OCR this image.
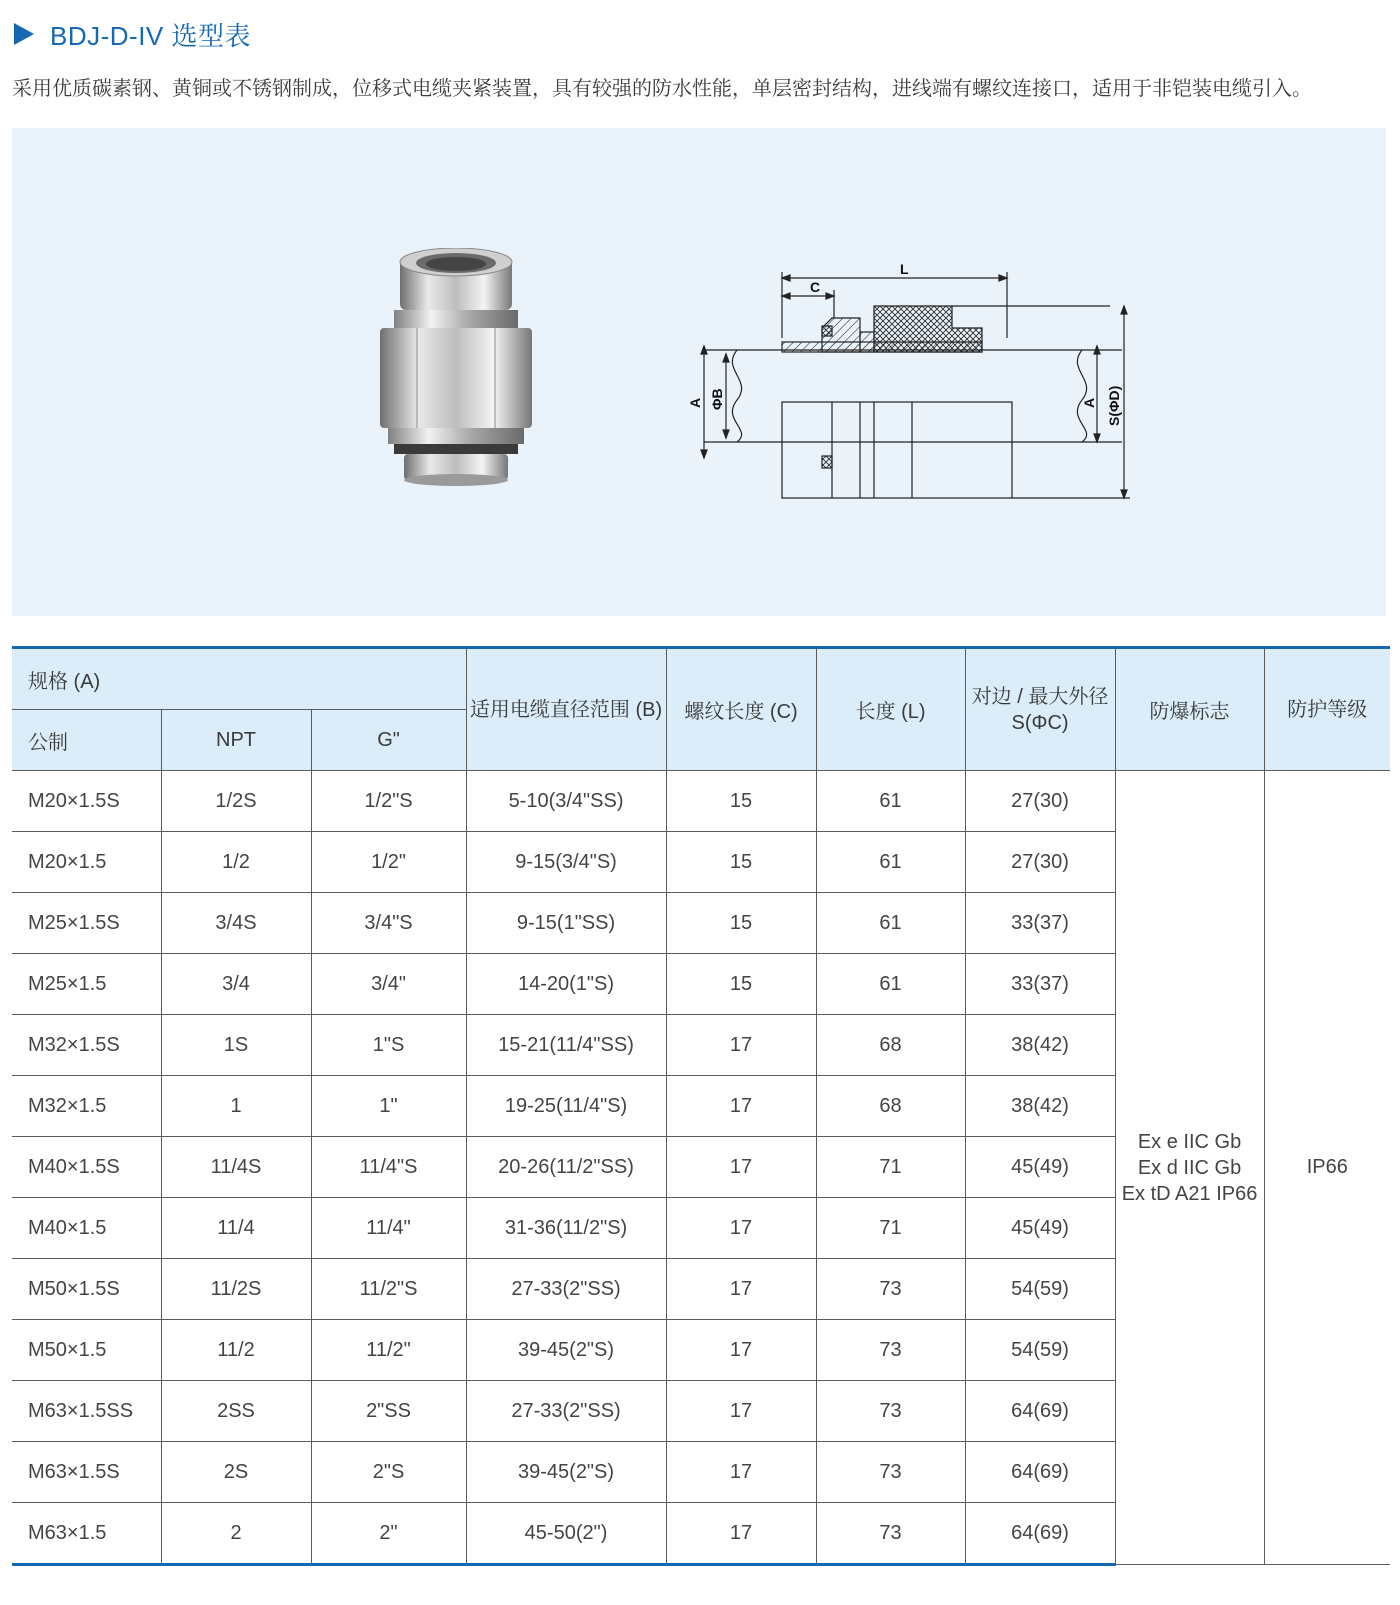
BDJ-D-IV 选型表
采用优质碳素钢、黄铜或不锈钢制成，位移式电缆夹紧装置，具有较强的防水性能，单层密封结构，进线端有螺纹连接口，适用于非铠装电缆引入。
L
C
A ΦB	A S(ΦD)
规格 (A)			适用电缆直径范围 (B)	螺纹长度 (C)	长度 (L)	对边 / 最大外径 S(ΦC)	防爆标志	防护等级
公制	NPT	G"						
M20×1.5S	1/2S	1/2"S	5-10(3/4"SS)	15	61	27(30)	Ex e IIC Gb
Ex d IIC Gb
Ex tD A21 IP66	IP66
M20×1.5	1/2	1/2"	9-15(3/4"S)	15	61	27(30)		
M25×1.5S	3/4S	3/4"S	9-15(1"SS)	15	61	33(37)		
M25×1.5	3/4	3/4"	14-20(1"S)	15	61	33(37)		
M32×1.5S	1S	1"S	15-21(11/4"SS)	17	68	38(42)		
M32×1.5	1	1"	19-25(11/4"S)	17	68	38(42)		
M40×1.5S	11/4S	11/4"S	20-26(11/2"SS)	17	71	45(49)		
M40×1.5	11/4	11/4"	31-36(11/2"S)	17	71	45(49)		
M50×1.5S	11/2S	11/2"S	27-33(2"SS)	17	73	54(59)		
M50×1.5	11/2	11/2"	39-45(2"S)	17	73	54(59)		
M63×1.5SS	2SS	2"SS	27-33(2"SS)	17	73	64(69)		
M63×1.5S	2S	2"S	39-45(2"S)	17	73	64(69)		
M63×1.5	2	2"	45-50(2")	17	73	64(69)		
